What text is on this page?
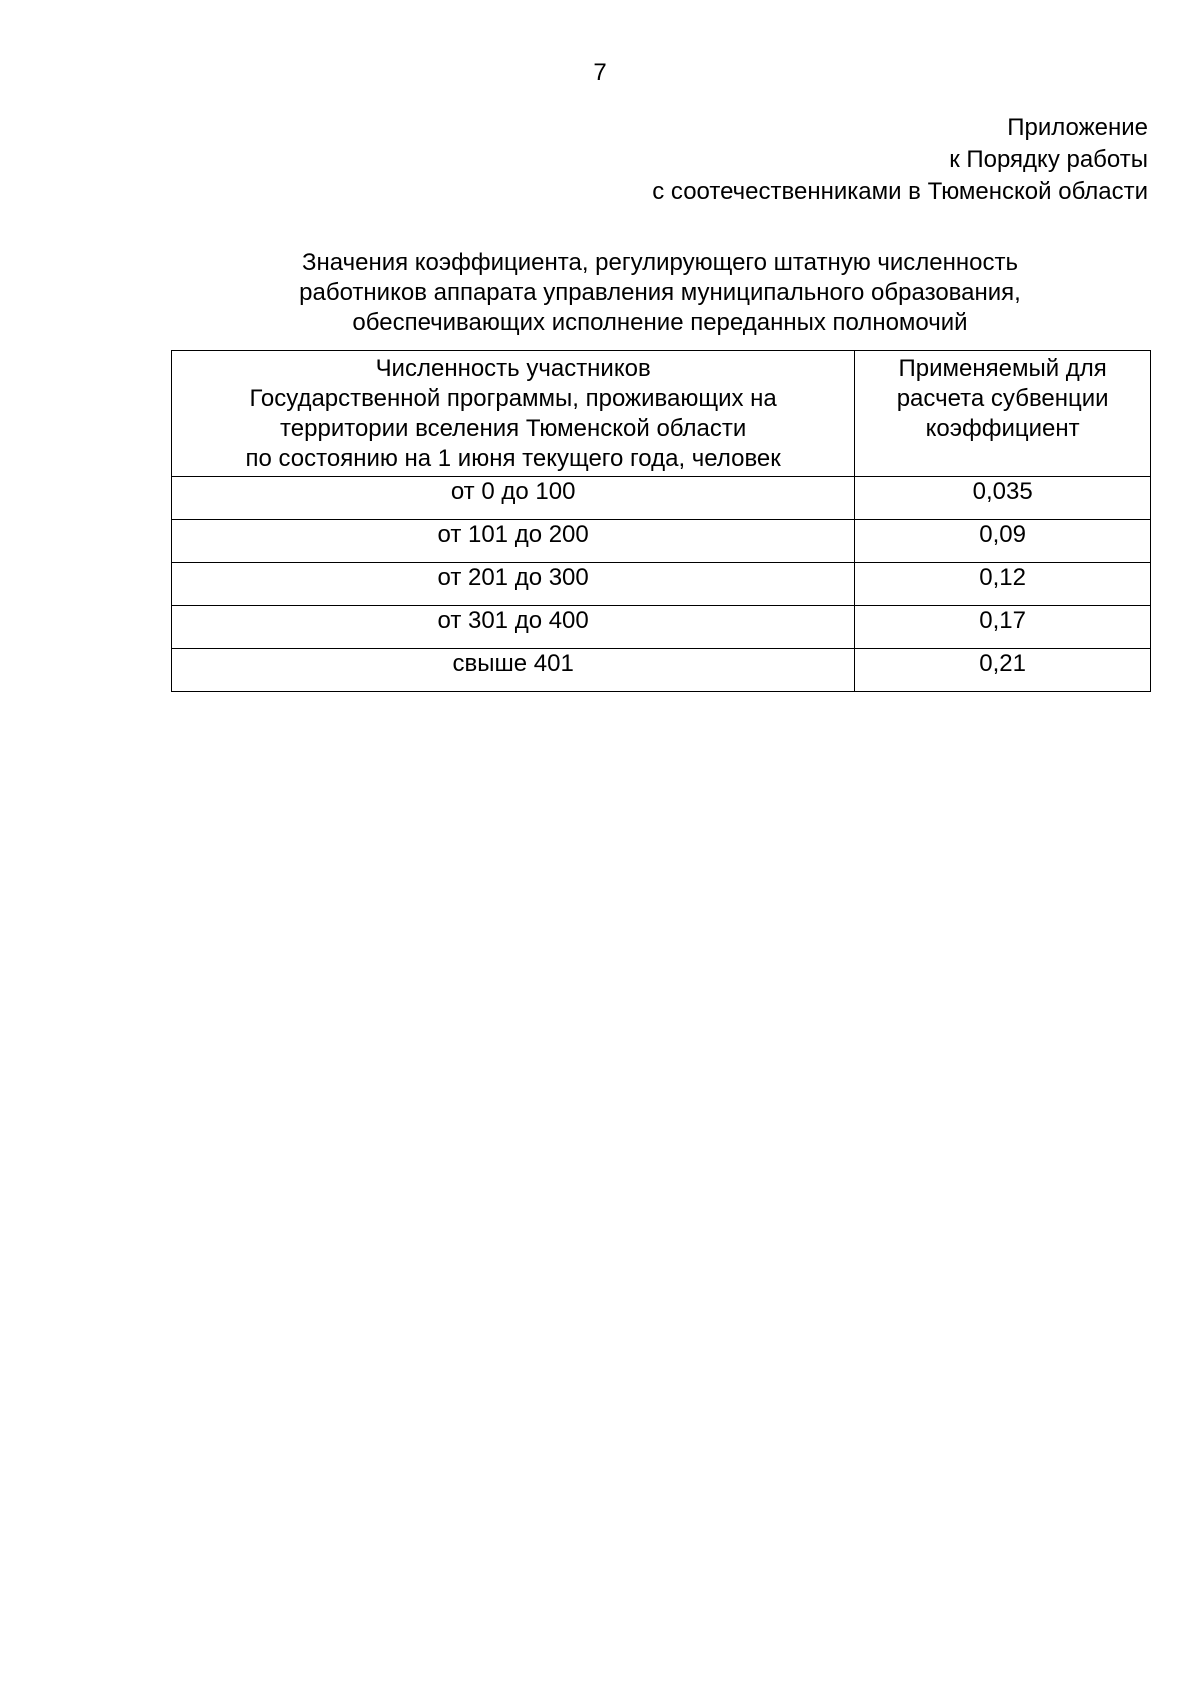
7
Приложение
к Порядку работы
с соотечественниками в Тюменской области
Значения коэффициента, регулирующего штатную численность
работников аппарата управления муниципального образования,
обеспечивающих исполнение переданных полномочий
Численность участников
Государственной программы, проживающих на
территории вселения Тюменской области
по состоянию на 1 июня текущего года, человек	Применяемый для
расчета субвенции
коэффициент

от 0 до 100	0,035
от 101 до 200	0,09
от 201 до 300	0,12
от 301 до 400	0,17
свыше 401	0,21
